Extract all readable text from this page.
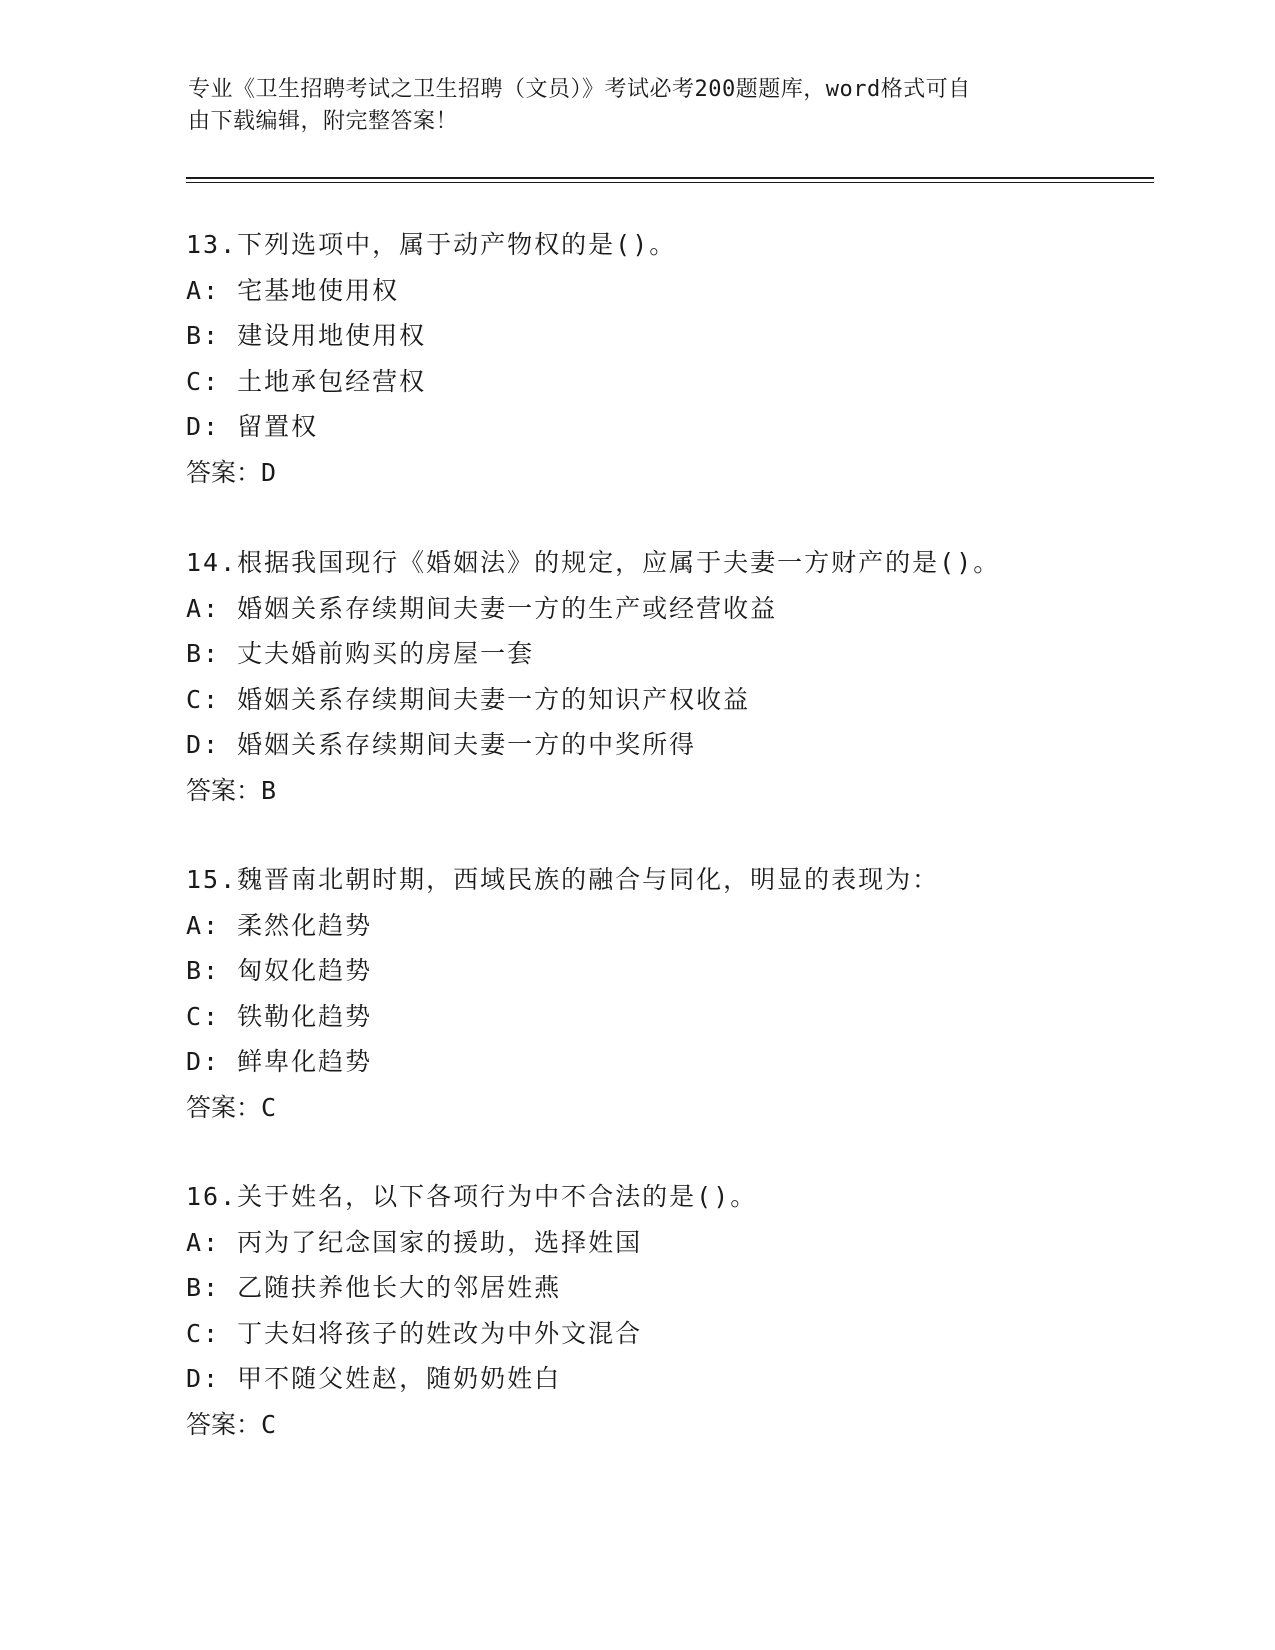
专业《卫生招聘考试之卫生招聘（文员）》考试必考200题题库，word格式可自
由下载编辑，附完整答案！
13.下列选项中，属于动产物权的是()。
A: 宅基地使用权
B: 建设用地使用权
C: 土地承包经营权
D: 留置权
答案：D
14.根据我国现行《婚姻法》的规定，应属于夫妻一方财产的是()。
A: 婚姻关系存续期间夫妻一方的生产或经营收益
B: 丈夫婚前购买的房屋一套
C: 婚姻关系存续期间夫妻一方的知识产权收益
D: 婚姻关系存续期间夫妻一方的中奖所得
答案：B
15.魏晋南北朝时期，西域民族的融合与同化，明显的表现为：
A: 柔然化趋势
B: 匈奴化趋势
C: 铁勒化趋势
D: 鲜卑化趋势
答案：C
16.关于姓名，以下各项行为中不合法的是()。
A: 丙为了纪念国家的援助，选择姓国
B: 乙随扶养他长大的邻居姓燕
C: 丁夫妇将孩子的姓改为中外文混合
D: 甲不随父姓赵，随奶奶姓白
答案：C
